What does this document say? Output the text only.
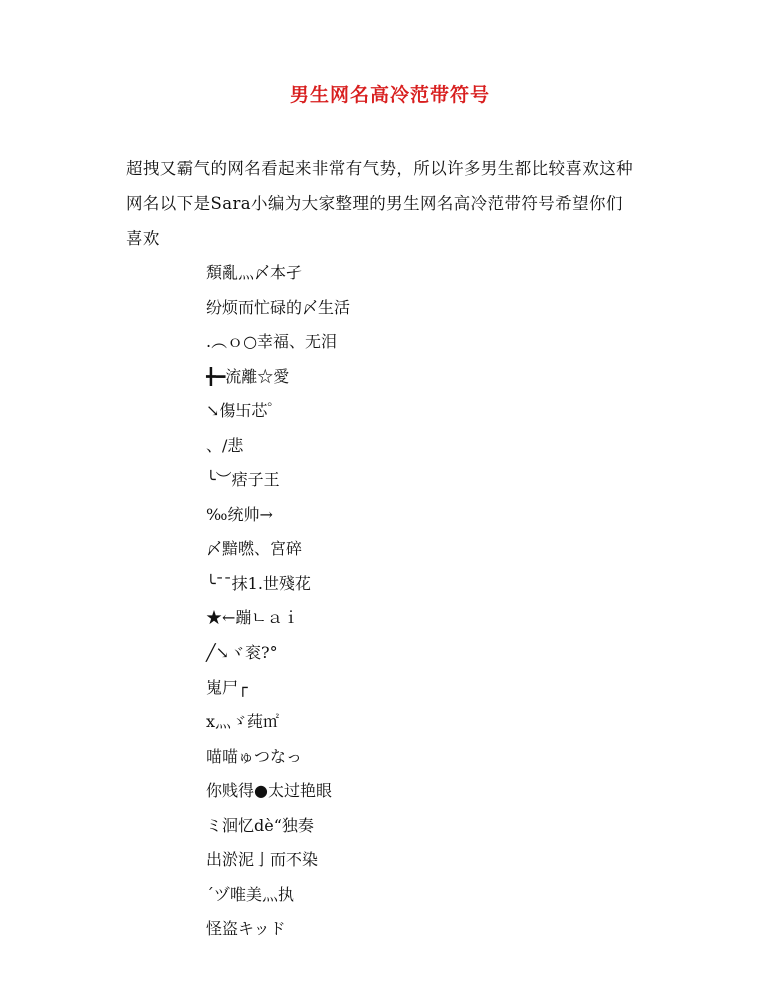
男生网名高冷范带符号

超拽又霸气的网名看起来非常有气势，所以许多男生都比较喜欢这种

网名以下是Sara小编为大家整理的男生网名高冷范带符号希望你们

喜欢

頽亂灬〆本孑
纷烦而忙碌的〆生活
.︵ｏ○幸福、无泪
╋━流離☆愛
↘傷卐芯゜
、/悲
╰︶痞子王
‰统帅→
〆黯嘫、宮碎
╰¯¯抹1.世殘花
★←蹦ㄴａｉ
╱↘ヾ衮?°
嵬尸┌
x灬ゞ莼㎡
喵喵ゅつなっ
你贱得●太过艳眼
ミ洄忆dè“独奏
出淤泥亅而不染
ˊヅ唯美灬执
怪盗キッド
